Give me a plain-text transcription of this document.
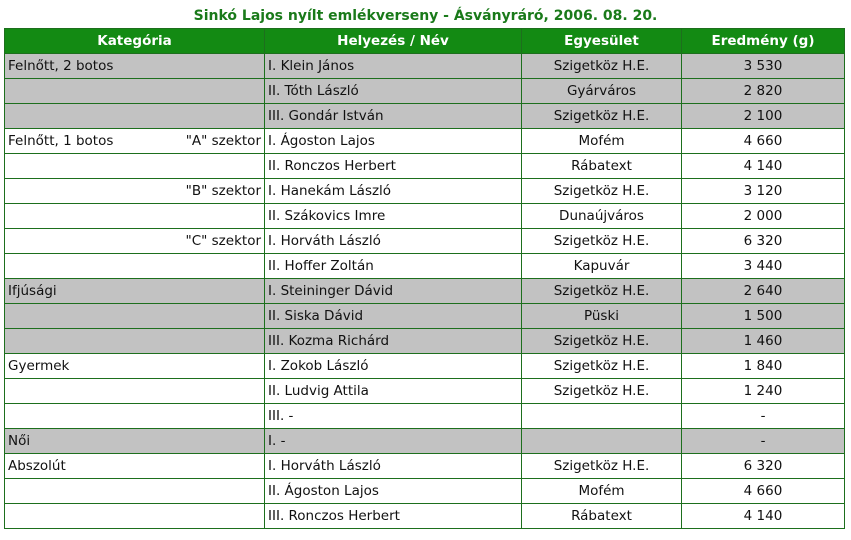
Sinkó Lajos nyílt emlékverseny - Ásványráró, 2006. 08. 20.
Kategória	Helyezés / Név	Egyesület	Eredmény (g)
Felnőtt, 2 botos	I. Klein János	Szigetköz H.E.	3 530

	II. Tóth László	Gyárváros	2 820

	III. Gondár István	Szigetköz H.E.	2 100
Felnőtt, 1 botos "A" szektor	I. Ágoston Lajos	Mofém	4 660

	II. Ronczos Herbert	Rábatext	4 140

"B" szektor	I. Hanekám László	Szigetköz H.E.	3 120

	II. Szákovics Imre	Dunaújváros	2 000

"C" szektor	I. Horváth László	Szigetköz H.E.	6 320

	II. Hoffer Zoltán	Kapuvár	3 440
Ifjúsági	I. Steininger Dávid	Szigetköz H.E.	2 640

	II. Siska Dávid	Püski	1 500

	III. Kozma Richárd	Szigetköz H.E.	1 460
Gyermek	I. Zokob László	Szigetköz H.E.	1 840

	II. Ludvig Attila	Szigetköz H.E.	1 240

	III. -		-
Női	I. -		-
Abszolút	I. Horváth László	Szigetköz H.E.	6 320

	II. Ágoston Lajos	Mofém	4 660

	III. Ronczos Herbert	Rábatext	4 140
